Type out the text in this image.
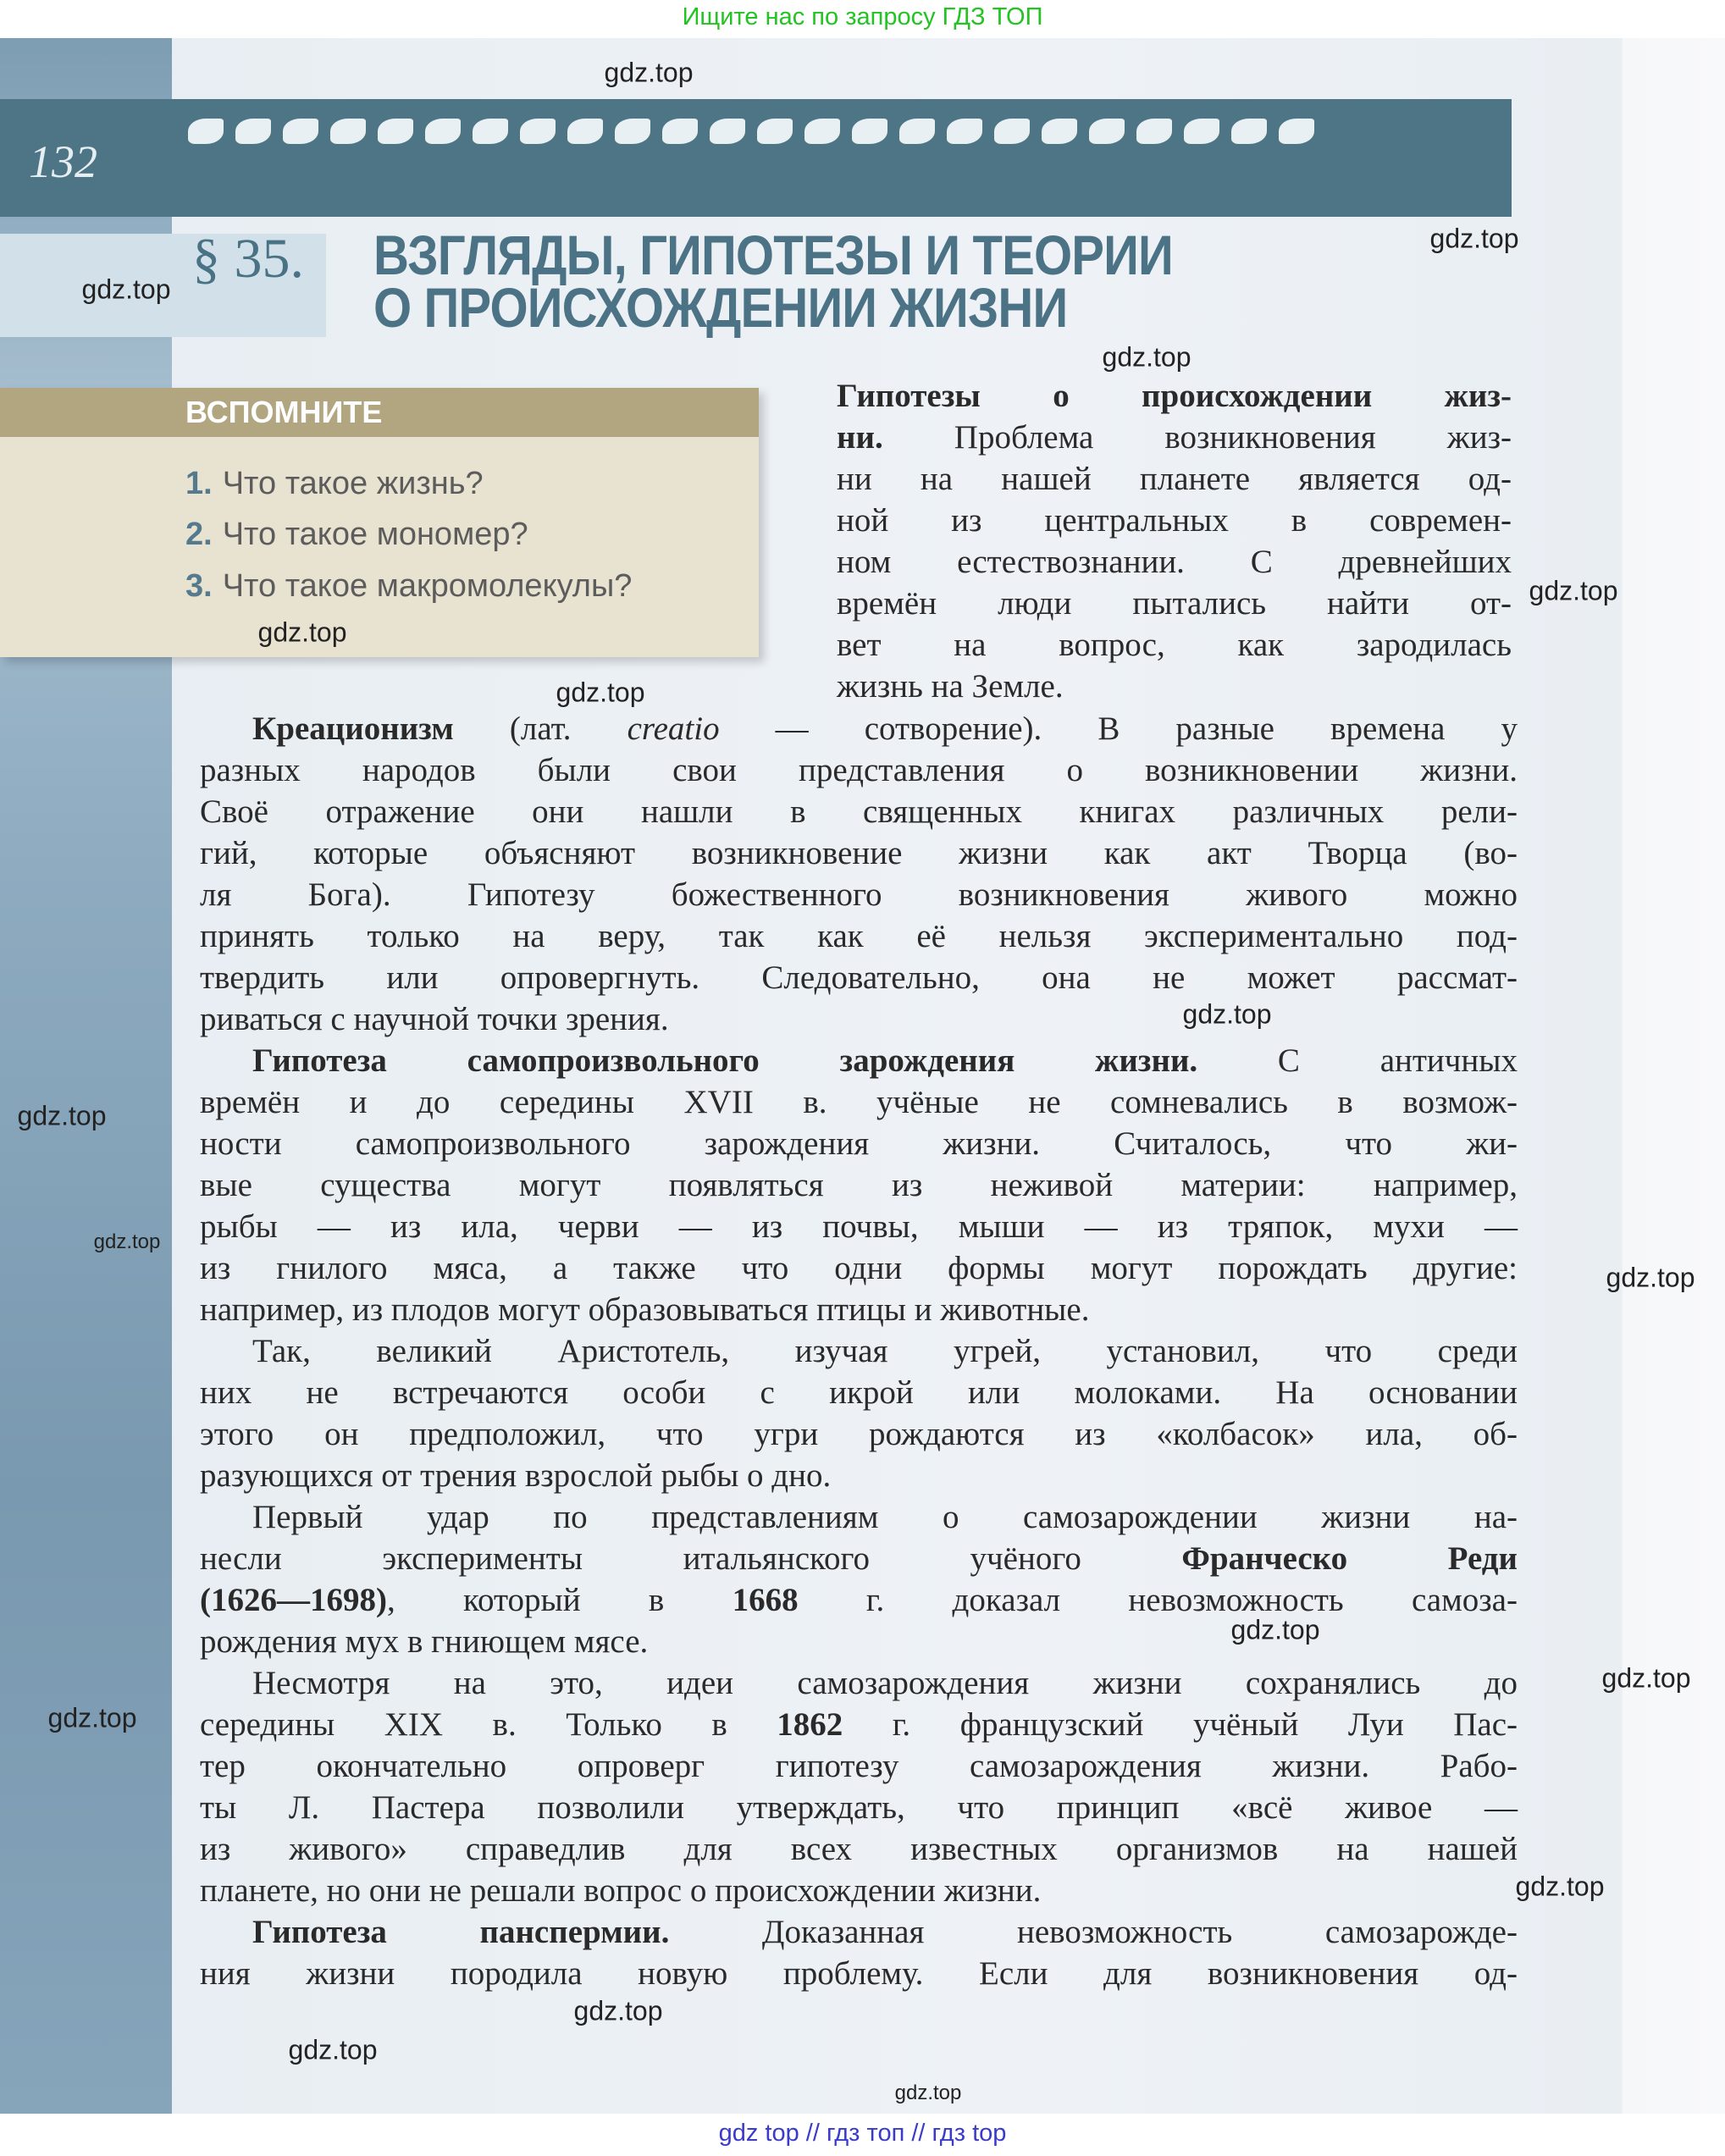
Ищите нас по запросу ГДЗ ТОП
132
§ 35. ВЗГЛЯДЫ, ГИПОТЕЗЫ И ТЕОРИИ
О ПРОИСХОЖДЕНИИ ЖИЗНИ
ВСПОМНИТЕ
1. Что такое жизнь?
2. Что такое мономер?
3. Что такое макромолекулы?
Гипотезы о происхождении жиз-
ни. Проблема возникновения жиз-
ни на нашей планете является од-
ной из центральных в современ-
ном естествознании. С древнейших
времён люди пытались найти от-
вет на вопрос, как зародилась
жизнь на Земле.
Креационизм (лат. creatio — сотворение). В разные времена у
разных народов были свои представления о возникновении жизни.
Своё отражение они нашли в священных книгах различных рели-
гий, которые объясняют возникновение жизни как акт Творца (во-
ля Бога). Гипотезу божественного возникновения живого можно
принять только на веру, так как её нельзя экспериментально под-
твердить или опровергнуть. Следовательно, она не может рассмат-
риваться с научной точки зрения.
Гипотеза самопроизвольного зарождения жизни. С античных
времён и до середины XVII в. учёные не сомневались в возмож-
ности самопроизвольного зарождения жизни. Считалось, что жи-
вые существа могут появляться из неживой материи: например,
рыбы — из ила, черви — из почвы, мыши — из тряпок, мухи —
из гнилого мяса, а также что одни формы могут порождать другие:
например, из плодов могут образовываться птицы и животные.
Так, великий Аристотель, изучая угрей, установил, что среди
них не встречаются особи с икрой или молоками. На основании
этого он предположил, что угри рождаются из «колбасок» ила, об-
разующихся от трения взрослой рыбы о дно.
Первый удар по представлениям о самозарождении жизни на-
несли эксперименты итальянского учёного Франческо Реди
(1626—1698), который в 1668 г. доказал невозможность самоза-
рождения мух в гниющем мясе.
Несмотря на это, идеи самозарождения жизни сохранялись до
середины XIX в. Только в 1862 г. французский учёный Луи Пас-
тер окончательно опроверг гипотезу самозарождения жизни. Рабо-
ты Л. Пастера позволили утверждать, что принцип «всё живое —
из живого» справедлив для всех известных организмов на нашей
планете, но они не решали вопрос о происхождении жизни.
Гипотеза панспермии. Доказанная невозможность самозарожде-
ния жизни породила новую проблему. Если для возникновения од-
gdz.top
gdz.top
gdz.top
gdz.top
gdz.top
gdz.top
gdz.top
gdz.top
gdz.top
gdz.top
gdz.top
gdz.top
gdz.top
gdz.top
gdz.top
gdz.top
gdz.top
gdz.top
gdz top // гдз топ // гдз top
